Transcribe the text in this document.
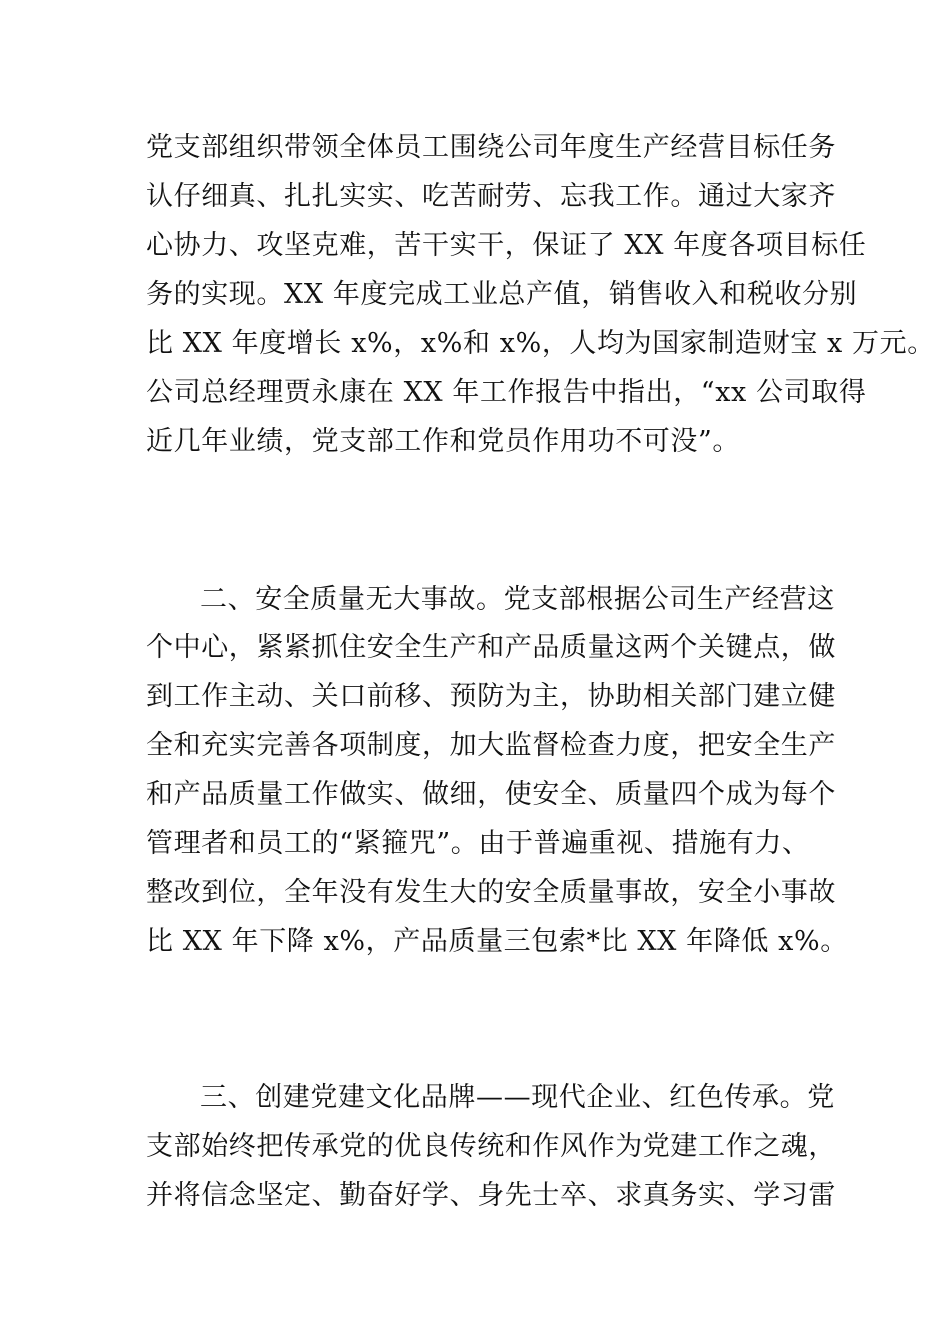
党支部组织带领全体员工围绕公司年度生产经营目标任务
认仔细真、扎扎实实、吃苦耐劳、忘我工作。通过大家齐
心协力、攻坚克难，苦干实干，保证了 XX 年度各项目标任
务的实现。XX 年度完成工业总产值，销售收入和税收分别
比 XX 年度增长 x%，x%和 x%，人均为国家制造财宝 x 万元。
公司总经理贾永康在 XX 年工作报告中指出，“xx 公司取得
近几年业绩，党支部工作和党员作用功不可没”。
二、安全质量无大事故。党支部根据公司生产经营这
个中心，紧紧抓住安全生产和产品质量这两个关键点，做
到工作主动、关口前移、预防为主，协助相关部门建立健
全和充实完善各项制度，加大监督检查力度，把安全生产
和产品质量工作做实、做细，使安全、质量四个成为每个
管理者和员工的“紧箍咒”。由于普遍重视、措施有力、
整改到位，全年没有发生大的安全质量事故，安全小事故
比 XX 年下降 x%，产品质量三包索*比 XX 年降低 x%。
三、创建党建文化品牌——现代企业、红色传承。党
支部始终把传承党的优良传统和作风作为党建工作之魂，
并将信念坚定、勤奋好学、身先士卒、求真务实、学习雷
